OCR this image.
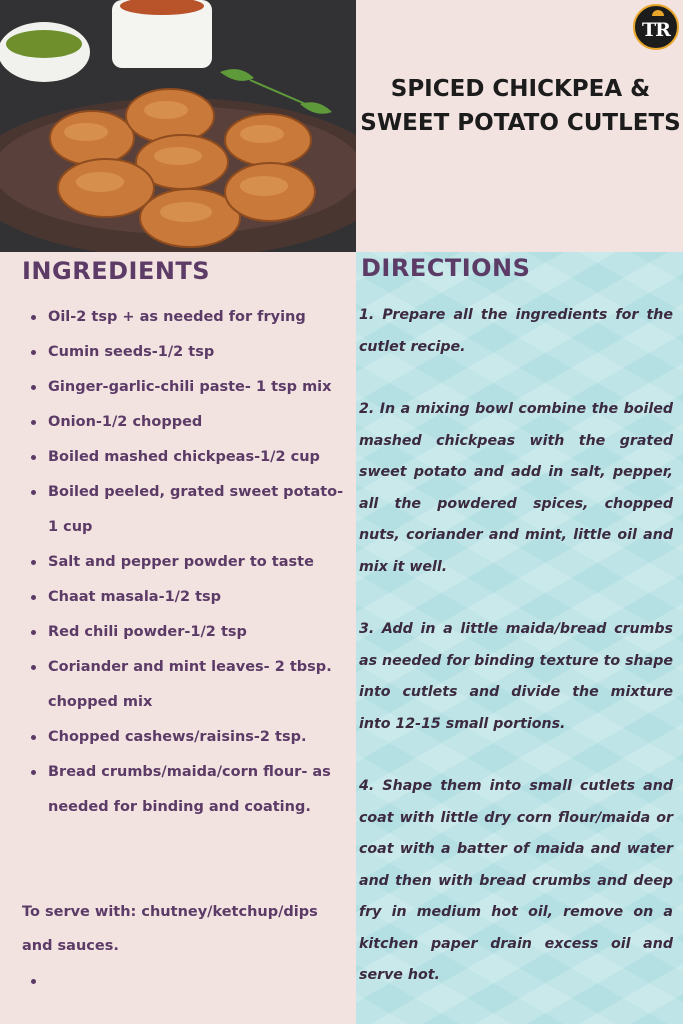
TR
SPICED CHICKPEA & SWEET POTATO CUTLETS
INGREDIENTS	DIRECTIONS
Oil-2 tsp + as needed for frying
Cumin seeds-1/2 tsp
Ginger-garlic-chili paste- 1 tsp mix
Onion-1/2 chopped
Boiled mashed chickpeas-1/2 cup
Boiled peeled, grated sweet potato-1 cup
Salt and pepper powder to taste
Chaat masala-1/2 tsp
Red chili powder-1/2 tsp
Coriander and mint leaves- 2 tbsp. chopped mix
Chopped cashews/raisins-2 tsp.
Bread crumbs/maida/corn flour- as needed for binding and coating.
To serve with: chutney/ketchup/dips and sauces.

1. Prepare all the ingredients for the cutlet recipe.

2. In a mixing bowl combine the boiled mashed chickpeas with the grated sweet potato and add in salt, pepper, all the powdered spices, chopped nuts, coriander and mint, little oil and mix it well.

3. Add in a little maida/bread crumbs as needed for binding texture to shape into cutlets and divide the mixture into 12-15 small portions.

4. Shape them into small cutlets and coat with little dry corn flour/maida or coat with a batter of maida and water and then with bread crumbs and deep fry in medium hot oil, remove on a kitchen paper drain excess oil and serve hot.
